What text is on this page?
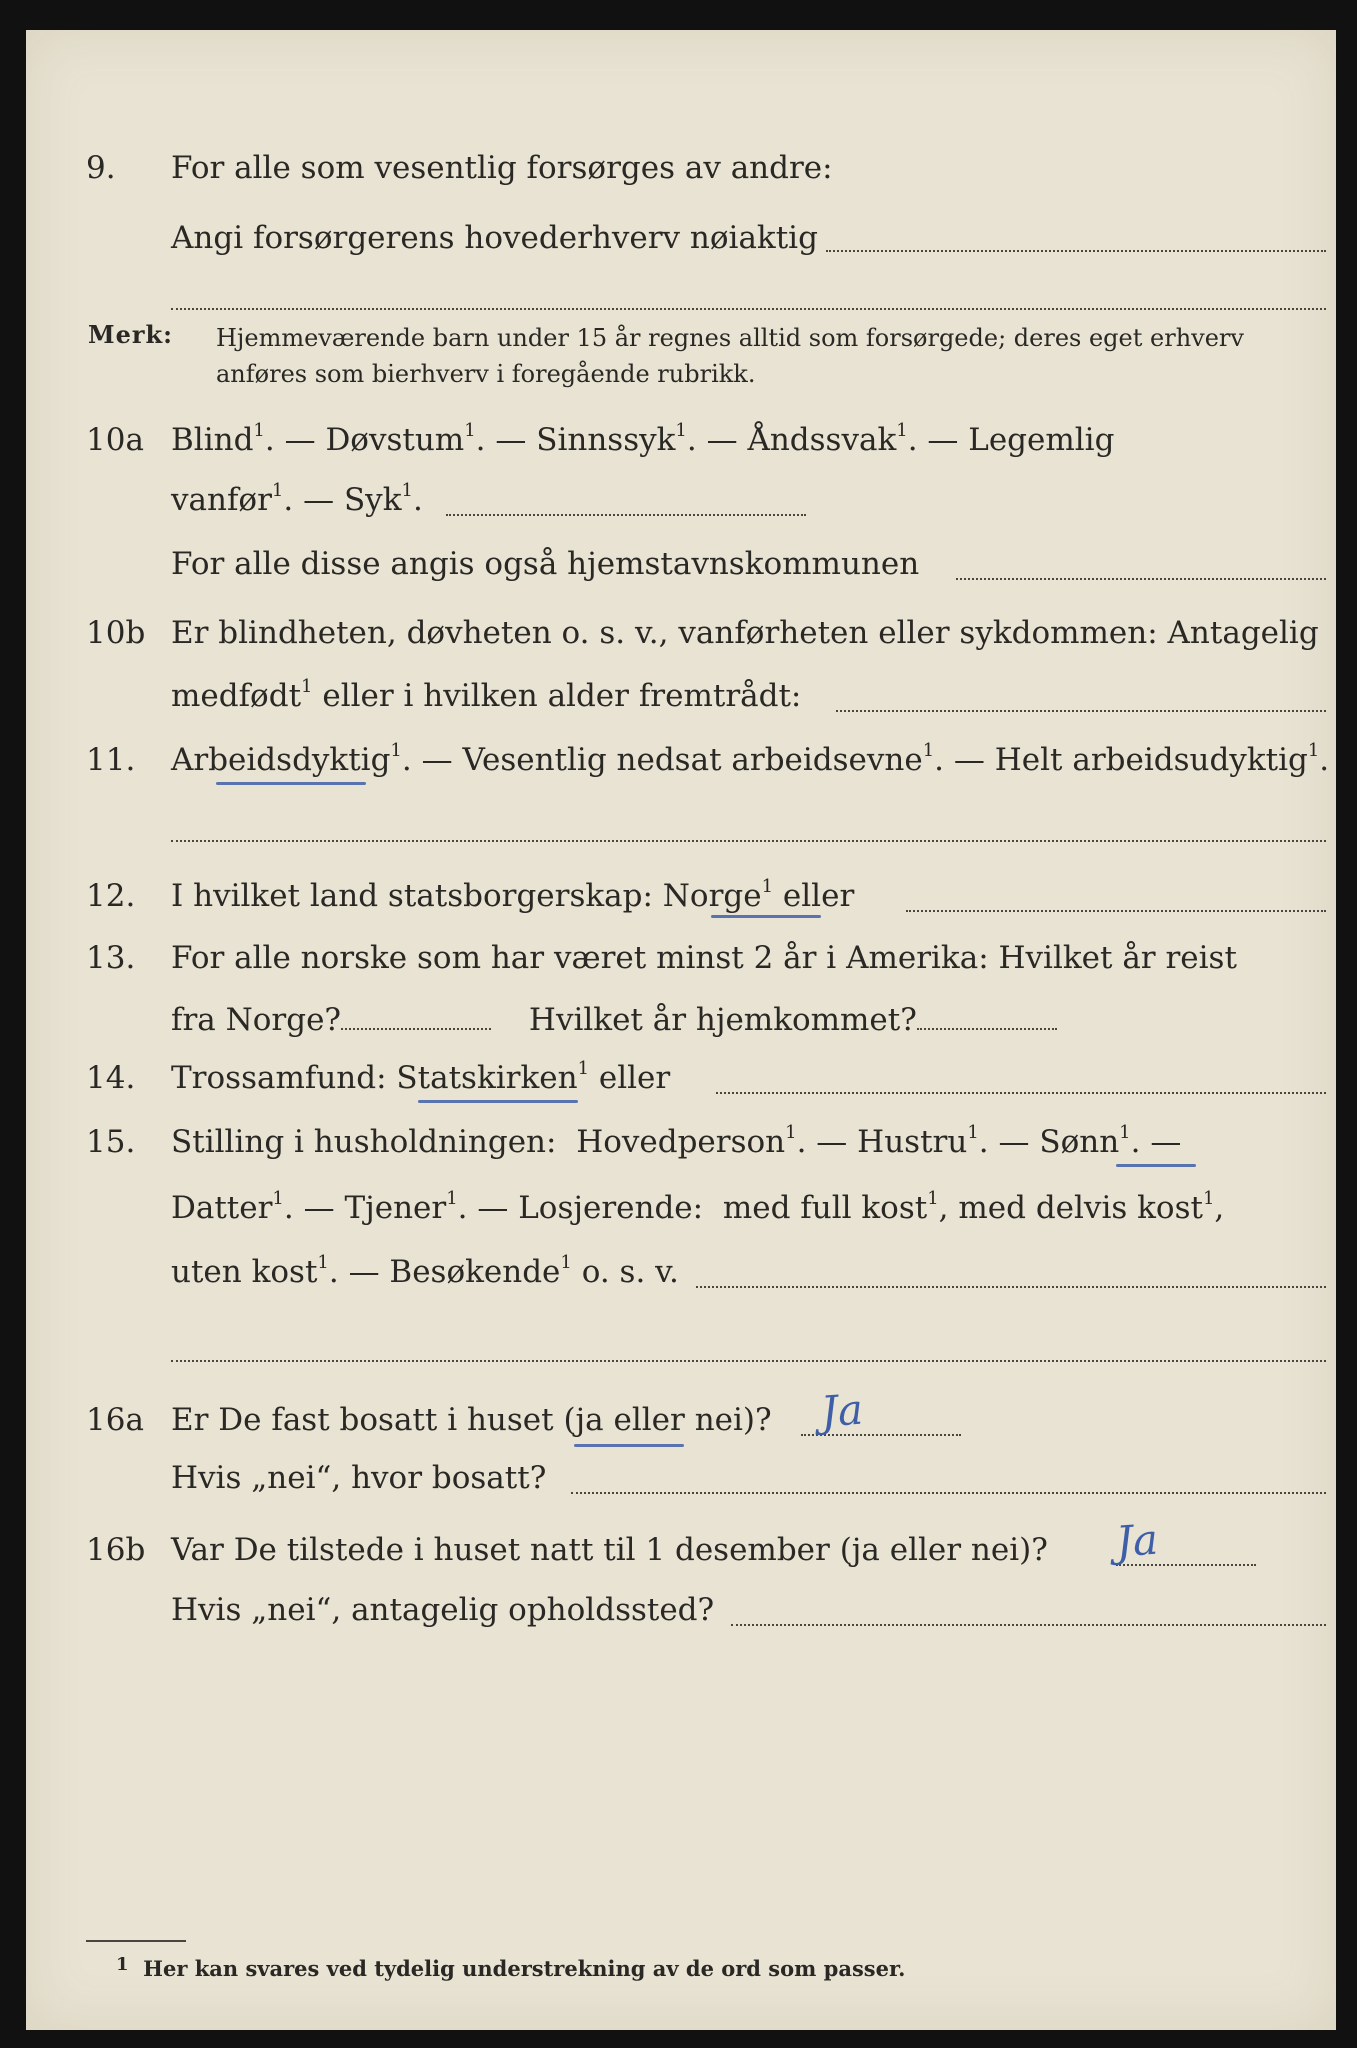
9. For alle som vesentlig forsørges av andre:
Angi forsørgerens hovederhverv nøiaktig
Merk: Hjemmeværende barn under 15 år regnes alltid som forsørgede; deres eget erhverv
anføres som bierhverv i foregående rubrikk.
10a Blind$^1$. — Døvstum$^1$. — Sinnssyk$^1$. — Åndssvak$^1$. — Legemlig
vanfør$^1$. — Syk$^1$.
For alle disse angis også hjemstavnskommunen
10b Er blindheten, døvheten o. s. v., vanførheten eller sykdommen: Antagelig
medfødt$^1$ eller i hvilken alder fremtrådt:
11. Arbeidsdyktig$^1$. — Vesentlig nedsat arbeidsevne$^1$. — Helt arbeidsudyktig$^1$.
12. I hvilket land statsborgerskap: Norge$^1$ eller
13. For alle norske som har været minst 2 år i Amerika: Hvilket år reist
fra Norge?	Hvilket år hjemkommet?
14. Trossamfund: Statskirken$^1$ eller
15. Stilling i husholdningen: Hovedperson$^1$. — Hustru$^1$. — Sønn$^1$. —
Datter$^1$. — Tjener$^1$. — Losjerende: med full kost$^1$, med delvis kost$^1$,
uten kost$^1$. — Besøkende$^1$ o. s. v.
16a Er De fast bosatt i huset (ja eller nei)? Ja
Hvis „nei“, hvor bosatt?
16b Var De tilstede i huset natt til 1 desember (ja eller nei)? Ja
Hvis „nei“, antagelig opholdssted?
$^1$ Her kan svares ved tydelig understrekning av de ord som passer.
